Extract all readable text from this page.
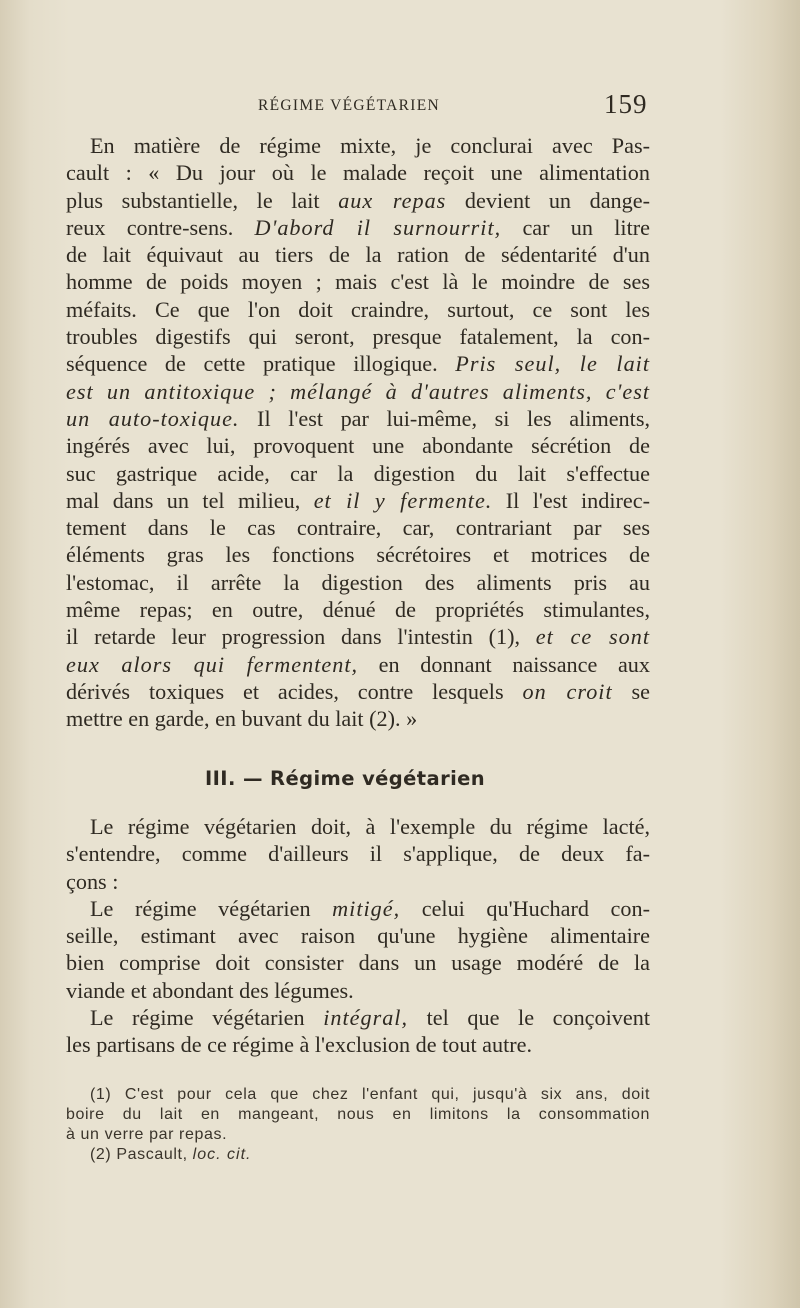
RÉGIME VÉGÉTARIEN	159

En matière de régime mixte, je conclurai avec Pas-
cault : « Du jour où le malade reçoit une alimentation
plus substantielle, le lait aux repas devient un dange-
reux contre-sens. D'abord il surnourrit, car un litre
de lait équivaut au tiers de la ration de sédentarité d'un
homme de poids moyen ; mais c'est là le moindre de ses
méfaits. Ce que l'on doit craindre, surtout, ce sont les
troubles digestifs qui seront, presque fatalement, la con-
séquence de cette pratique illogique. Pris seul, le lait
est un antitoxique ; mélangé à d'autres aliments, c'est
un auto-toxique. Il l'est par lui-même, si les aliments,
ingérés avec lui, provoquent une abondante sécrétion de
suc gastrique acide, car la digestion du lait s'effectue
mal dans un tel milieu, et il y fermente. Il l'est indirec-
tement dans le cas contraire, car, contrariant par ses
éléments gras les fonctions sécrétoires et motrices de
l'estomac, il arrête la digestion des aliments pris au
même repas; en outre, dénué de propriétés stimulantes,
il retarde leur progression dans l'intestin (1), et ce sont
eux alors qui fermentent, en donnant naissance aux
dérivés toxiques et acides, contre lesquels on croit se
mettre en garde, en buvant du lait (2). »

III. — Régime végétarien

Le régime végétarien doit, à l'exemple du régime lacté,
s'entendre, comme d'ailleurs il s'applique, de deux fa-
çons :

Le régime végétarien mitigé, celui qu'Huchard con-
seille, estimant avec raison qu'une hygiène alimentaire
bien comprise doit consister dans un usage modéré de la
viande et abondant des légumes.

Le régime végétarien intégral, tel que le conçoivent
les partisans de ce régime à l'exclusion de tout autre.

(1) C'est pour cela que chez l'enfant qui, jusqu'à six ans, doit
boire du lait en mangeant, nous en limitons la consommation
à un verre par repas.

(2) Pascault, loc. cit.
